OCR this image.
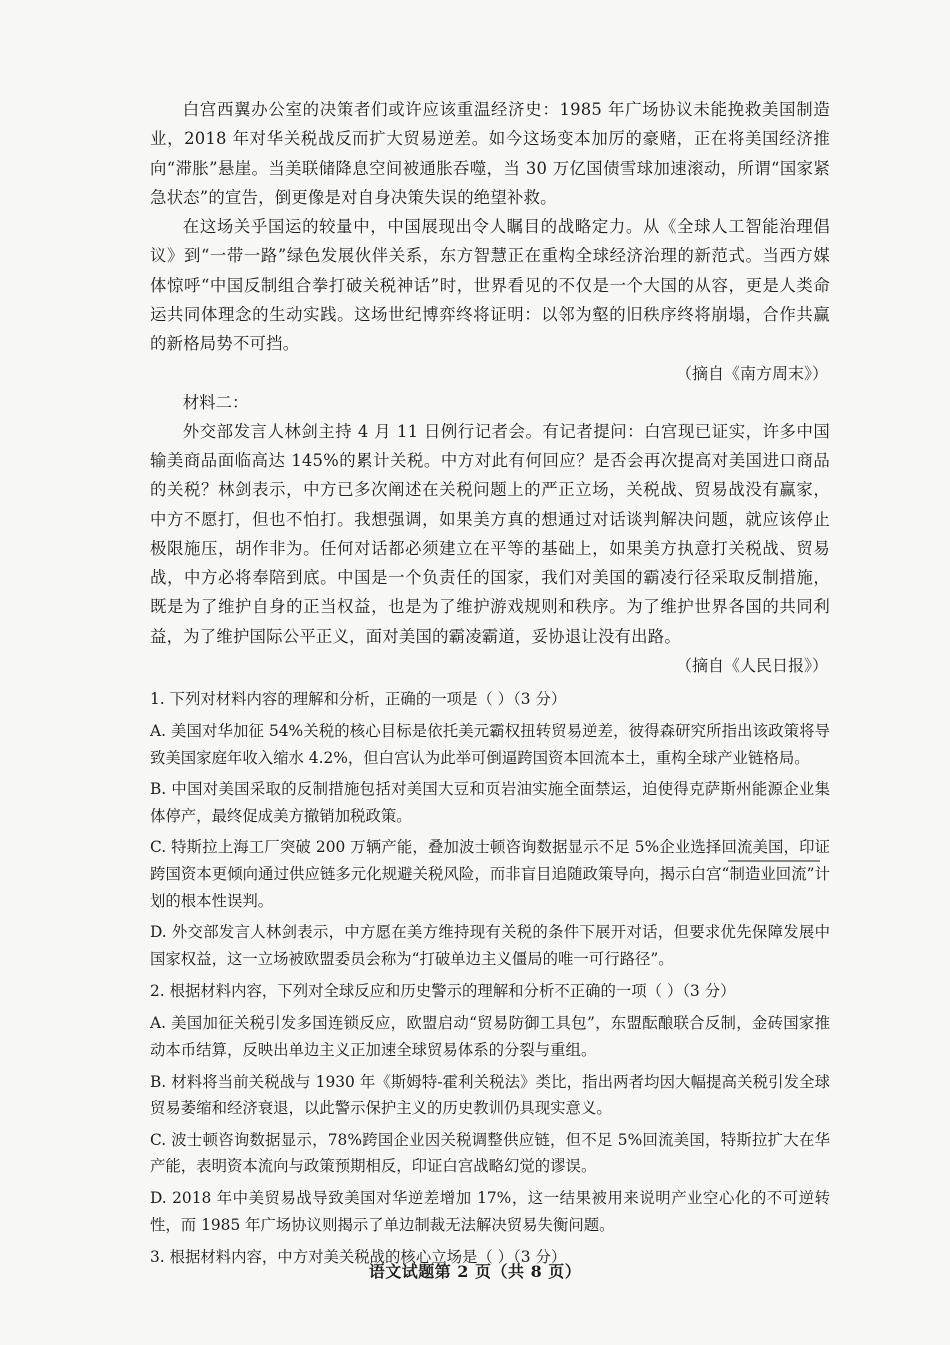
白宫西翼办公室的决策者们或许应该重温经济史：1985 年广场协议未能挽救美国制造业，2018 年对华关税战反而扩大贸易逆差。如今这场变本加厉的豪赌，正在将美国经济推向“滞胀”悬崖。当美联储降息空间被通胀吞噬，当 30 万亿国债雪球加速滚动，所谓“国家紧急状态”的宣告，倒更像是对自身决策失误的绝望补救。

在这场关乎国运的较量中，中国展现出令人瞩目的战略定力。从《全球人工智能治理倡议》到“一带一路”绿色发展伙伴关系，东方智慧正在重构全球经济治理的新范式。当西方媒体惊呼“中国反制组合拳打破关税神话”时，世界看见的不仅是一个大国的从容，更是人类命运共同体理念的生动实践。这场世纪博弈终将证明：以邻为壑的旧秩序终将崩塌，合作共赢的新格局势不可挡。

（摘自《南方周末》）

材料二：

外交部发言人林剑主持 4 月 11 日例行记者会。有记者提问：白宫现已证实，许多中国输美商品面临高达 145%的累计关税。中方对此有何回应？是否会再次提高对美国进口商品的关税？林剑表示，中方已多次阐述在关税问题上的严正立场，关税战、贸易战没有赢家，中方不愿打，但也不怕打。我想强调，如果美方真的想通过对话谈判解决问题，就应该停止极限施压，胡作非为。任何对话都必须建立在平等的基础上，如果美方执意打关税战、贸易战，中方必将奉陪到底。中国是一个负责任的国家，我们对美国的霸凌行径采取反制措施，既是为了维护自身的正当权益，也是为了维护游戏规则和秩序。为了维护世界各国的共同利益，为了维护国际公平正义，面对美国的霸凌霸道，妥协退让没有出路。

（摘自《人民日报》）

1. 下列对材料内容的理解和分析，正确的一项是（ ）（3 分）

A. 美国对华加征 54%关税的核心目标是依托美元霸权扭转贸易逆差，彼得森研究所指出该政策将导致美国家庭年收入缩水 4.2%，但白宫认为此举可倒逼跨国资本回流本土，重构全球产业链格局。

B. 中国对美国采取的反制措施包括对美国大豆和页岩油实施全面禁运，迫使得克萨斯州能源企业集体停产，最终促成美方撤销加税政策。

C. 特斯拉上海工厂突破 200 万辆产能，叠加波士顿咨询数据显示不足 5%企业选择回流美国，印证跨国资本更倾向通过供应链多元化规避关税风险，而非盲目追随政策导向，揭示白宫“制造业回流”计划的根本性误判。

D. 外交部发言人林剑表示，中方愿在美方维持现有关税的条件下展开对话，但要求优先保障发展中国家权益，这一立场被欧盟委员会称为“打破单边主义僵局的唯一可行路径”。

2. 根据材料内容，下列对全球反应和历史警示的理解和分析不正确的一项（ ）（3 分）

A. 美国加征关税引发多国连锁反应，欧盟启动“贸易防御工具包”，东盟酝酿联合反制，金砖国家推动本币结算，反映出单边主义正加速全球贸易体系的分裂与重组。

B. 材料将当前关税战与 1930 年《斯姆特-霍利关税法》类比，指出两者均因大幅提高关税引发全球贸易萎缩和经济衰退，以此警示保护主义的历史教训仍具现实意义。

C. 波士顿咨询数据显示，78%跨国企业因关税调整供应链，但不足 5%回流美国，特斯拉扩大在华产能，表明资本流向与政策预期相反，印证白宫战略幻觉的谬误。

D. 2018 年中美贸易战导致美国对华逆差增加 17%，这一结果被用来说明产业空心化的不可逆转性，而 1985 年广场协议则揭示了单边制裁无法解决贸易失衡问题。

3. 根据材料内容，中方对美关税战的核心立场是（ ）（3 分）

语文试题第 2 页（共 8 页）
